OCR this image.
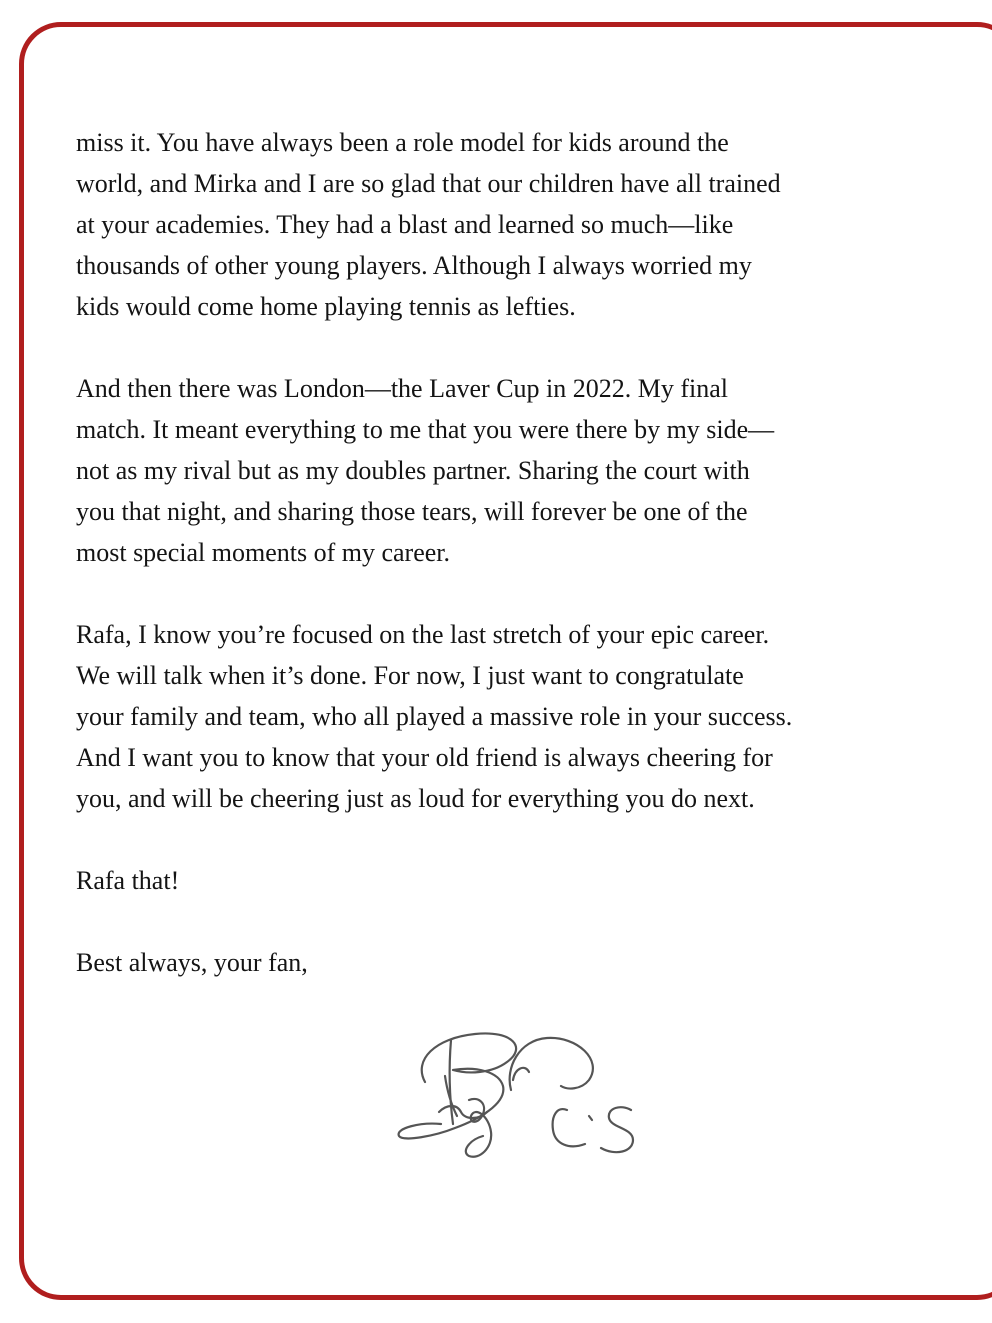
miss it. You have always been a role model for kids around the
world, and Mirka and I are so glad that our children have all trained
at your academies. They had a blast and learned so much—like
thousands of other young players. Although I always worried my
kids would come home playing tennis as lefties.
And then there was London—the Laver Cup in 2022. My final
match. It meant everything to me that you were there by my side—
not as my rival but as my doubles partner. Sharing the court with
you that night, and sharing those tears, will forever be one of the
most special moments of my career.
Rafa, I know you’re focused on the last stretch of your epic career.
We will talk when it’s done. For now, I just want to congratulate
your family and team, who all played a massive role in your success.
And I want you to know that your old friend is always cheering for
you, and will be cheering just as loud for everything you do next.
Rafa that!
Best always, your fan,
